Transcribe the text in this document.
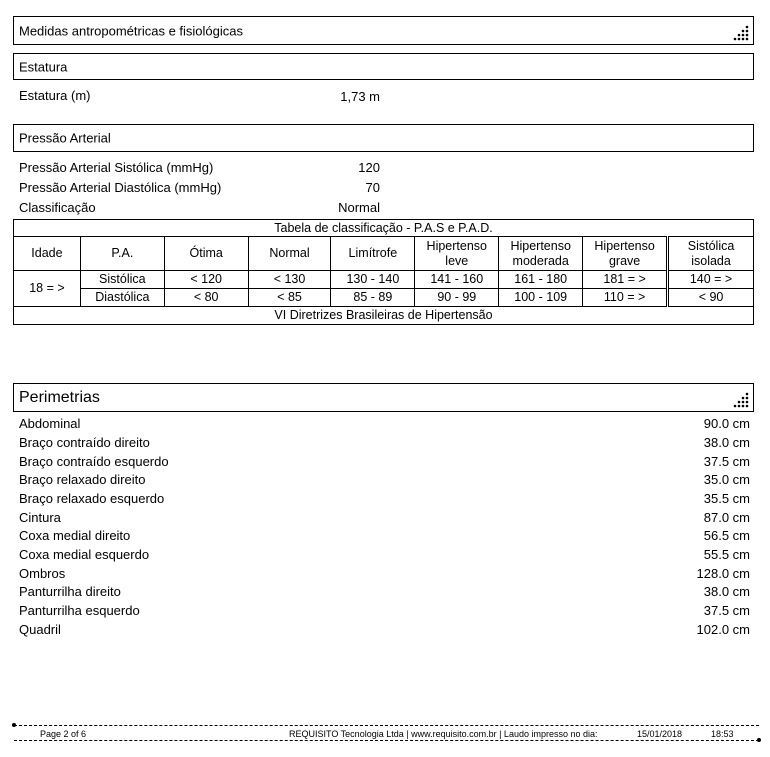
Medidas antropométricas e fisiológicas
Estatura
Estatura (m)	1,73 m
Pressão Arterial
Pressão Arterial Sistólica (mmHg)	120
Pressão Arterial Diastólica (mmHg)	70
Classificação	Normal
Tabela de classificação - P.A.S e P.A.D.								
Idade	P.A.	Ótima	Normal	Limítrofe	Hipertenso leve	Hipertenso moderada	Hipertenso grave	Sistólica isolada
18 = >	Sistólica	< 120	< 130	130 - 140	141 - 160	161 - 180	181 = >	140 = >
	Diastólica	< 80	< 85	85 - 89	90 - 99	100 - 109	110 = >	< 90
VI Diretrizes Brasileiras de Hipertensão								
Perimetrias
Abdominal	90.0 cm
Braço contraído direito	38.0 cm
Braço contraído esquerdo	37.5 cm
Braço relaxado direito	35.0 cm
Braço relaxado esquerdo	35.5 cm
Cintura	87.0 cm
Coxa medial direito	56.5 cm
Coxa medial esquerdo	55.5 cm
Ombros	128.0 cm
Panturrilha direito	38.0 cm
Panturrilha esquerdo	37.5 cm
Quadril	102.0 cm
Page 2 of 6	REQUISITO Tecnologia Ltda | www.requisito.com.br | Laudo impresso no dia:	15/01/2018	18:53
